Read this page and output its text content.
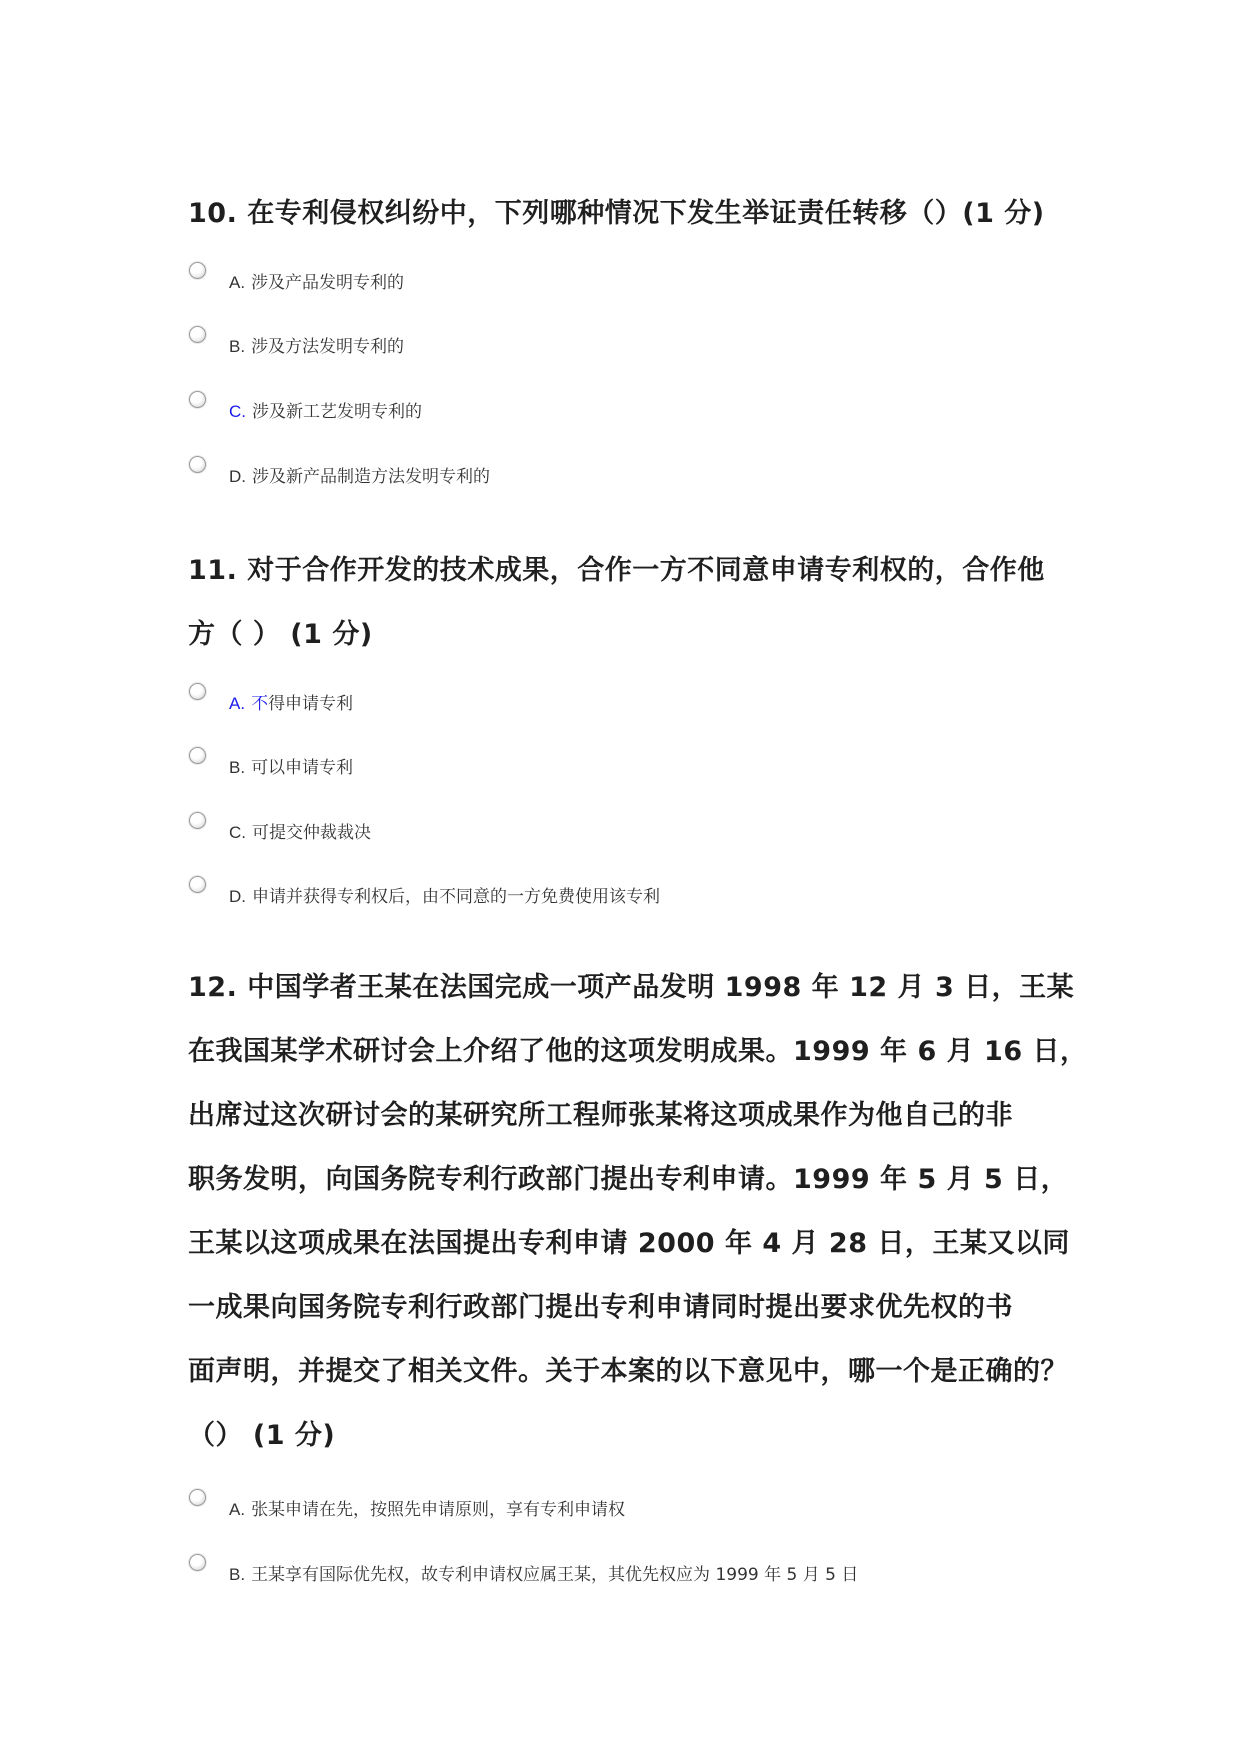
10. 在专利侵权纠纷中，下列哪种情况下发生举证责任转移（）(1 分)
A. 涉及产品发明专利的
B. 涉及方法发明专利的
C. 涉及新工艺发明专利的
D. 涉及新产品制造方法发明专利的
11. 对于合作开发的技术成果，合作一方不同意申请专利权的，合作他
方（ ） (1 分)
A. 不得申请专利
B. 可以申请专利
C. 可提交仲裁裁决
D. 申请并获得专利权后，由不同意的一方免费使用该专利
12. 中国学者王某在法国完成一项产品发明 1998 年 12 月 3 日，王某
在我国某学术研讨会上介绍了他的这项发明成果。1999 年 6 月 16 日，
出席过这次研讨会的某研究所工程师张某将这项成果作为他自己的非
职务发明，向国务院专利行政部门提出专利申请。1999 年 5 月 5 日，
王某以这项成果在法国提出专利申请 2000 年 4 月 28 日，王某又以同
一成果向国务院专利行政部门提出专利申请同时提出要求优先权的书
面声明，并提交了相关文件。关于本案的以下意见中，哪一个是正确的？
（） (1 分)
A. 张某申请在先，按照先申请原则，享有专利申请权
B. 王某享有国际优先权，故专利申请权应属王某，其优先权应为 1999 年 5 月 5 日
